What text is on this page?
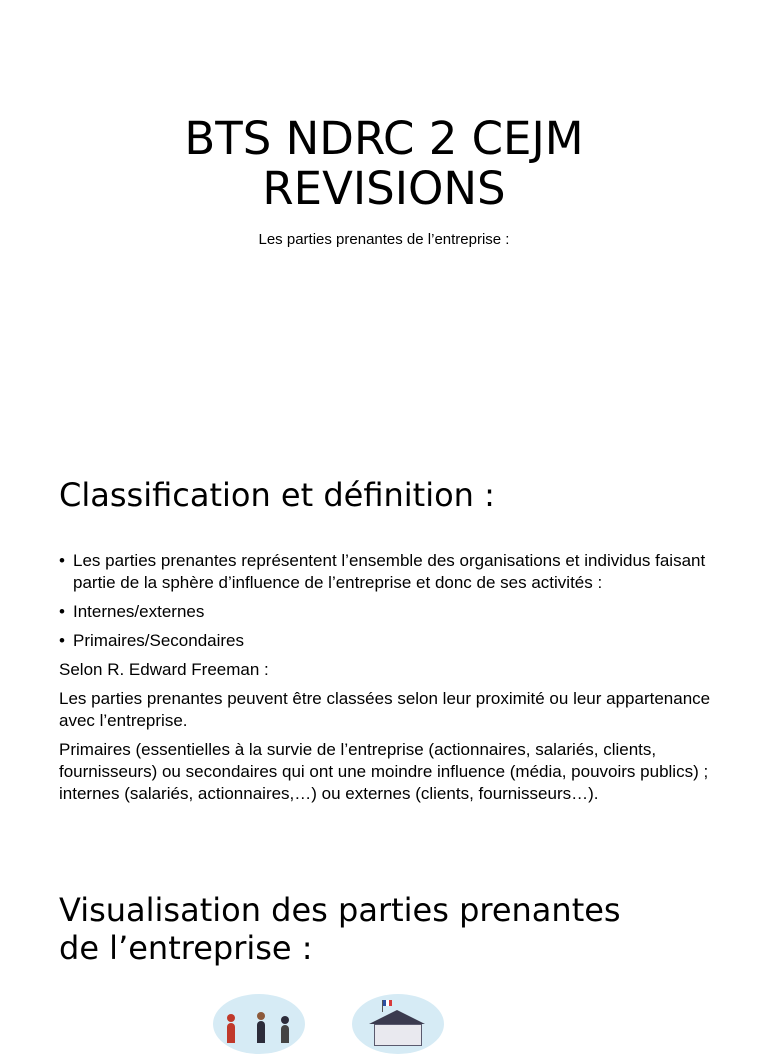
BTS NDRC 2 CEJM
REVISIONS
Les parties prenantes de l’entreprise :
Classification et définition :
• Les parties prenantes représentent l’ensemble des organisations et individus faisant partie de la sphère d’influence de l’entreprise et donc de ses activités :
• Internes/externes
• Primaires/Secondaires
Selon R. Edward Freeman :
Les parties prenantes peuvent être classées selon leur proximité ou leur appartenance avec l’entreprise.
Primaires (essentielles à la survie de l’entreprise (actionnaires, salariés, clients, fournisseurs) ou secondaires qui ont une moindre influence (média, pouvoirs publics) ; internes (salariés, actionnaires,…) ou externes (clients, fournisseurs…).
Visualisation des parties prenantes
de l’entreprise :
